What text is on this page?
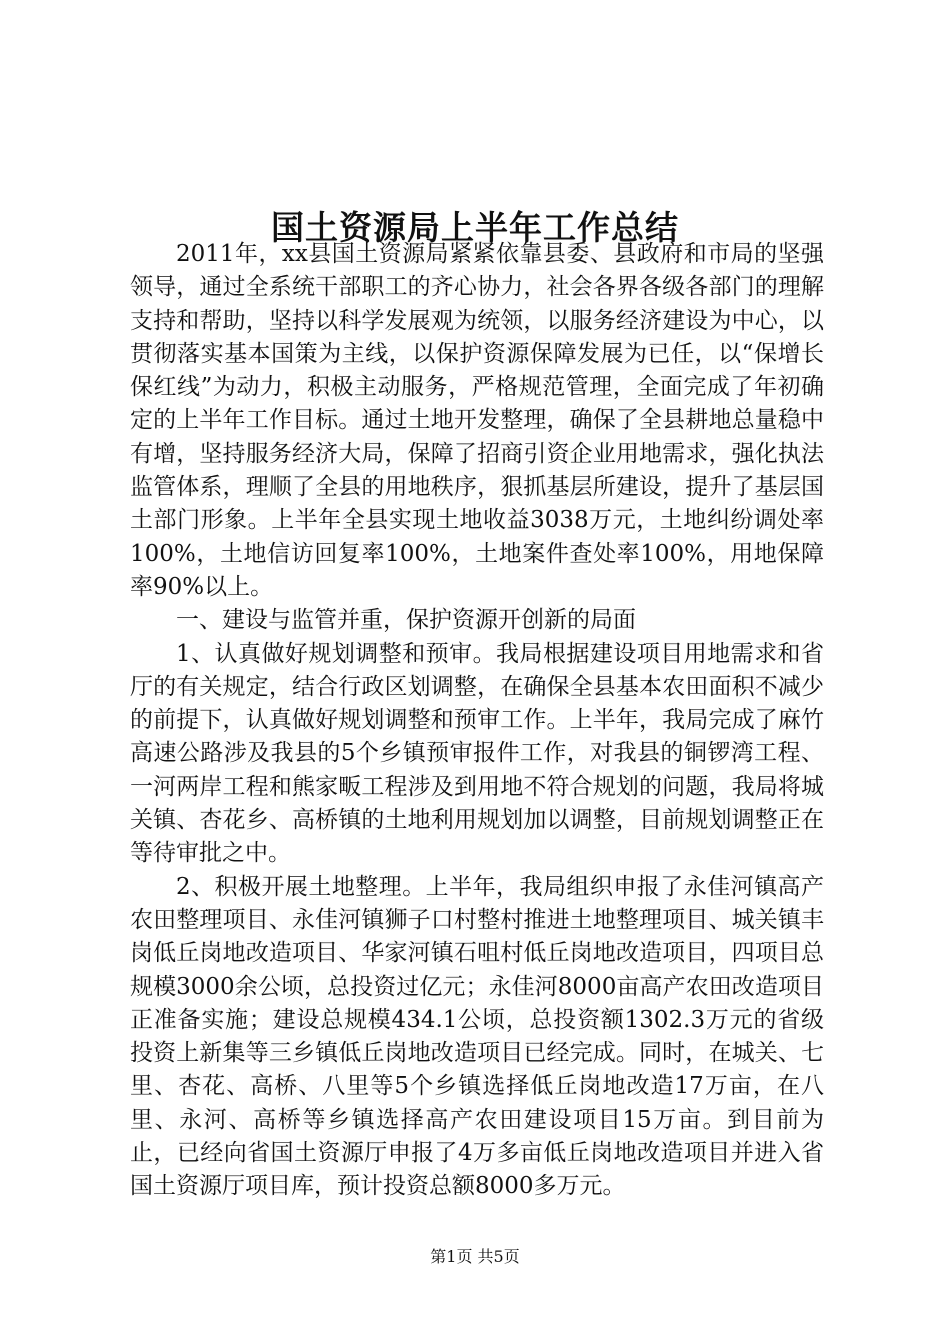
国土资源局上半年工作总结

2011年，xx县国土资源局紧紧依靠县委、县政府和市局的坚强领导，通过全系统干部职工的齐心协力，社会各界各级各部门的理解支持和帮助，坚持以科学发展观为统领，以服务经济建设为中心，以贯彻落实基本国策为主线，以保护资源保障发展为已任，以“保增长保红线”为动力，积极主动服务，严格规范管理，全面完成了年初确定的上半年工作目标。通过土地开发整理，确保了全县耕地总量稳中有增，坚持服务经济大局，保障了招商引资企业用地需求，强化执法监管体系，理顺了全县的用地秩序，狠抓基层所建设，提升了基层国土部门形象。上半年全县实现土地收益3038万元，土地纠纷调处率100%，土地信访回复率100%，土地案件查处率100%，用地保障率90%以上。

一、建设与监管并重，保护资源开创新的局面

1、认真做好规划调整和预审。我局根据建设项目用地需求和省厅的有关规定，结合行政区划调整，在确保全县基本农田面积不减少的前提下，认真做好规划调整和预审工作。上半年，我局完成了麻竹高速公路涉及我县的5个乡镇预审报件工作，对我县的铜锣湾工程、一河两岸工程和熊家畈工程涉及到用地不符合规划的问题，我局将城关镇、杏花乡、高桥镇的土地利用规划加以调整，目前规划调整正在等待审批之中。

2、积极开展土地整理。上半年，我局组织申报了永佳河镇高产农田整理项目、永佳河镇狮子口村整村推进土地整理项目、城关镇丰岗低丘岗地改造项目、华家河镇石咀村低丘岗地改造项目，四项目总规模3000余公顷，总投资过亿元；永佳河8000亩高产农田改造项目正准备实施；建设总规模434.1公顷，总投资额1302.3万元的省级投资上新集等三乡镇低丘岗地改造项目已经完成。同时，在城关、七里、杏花、高桥、八里等5个乡镇选择低丘岗地改造17万亩，在八里、永河、高桥等乡镇选择高产农田建设项目15万亩。到目前为止，已经向省国土资源厅申报了4万多亩低丘岗地改造项目并进入省国土资源厅项目库，预计投资总额8000多万元。

第1页 共5页
